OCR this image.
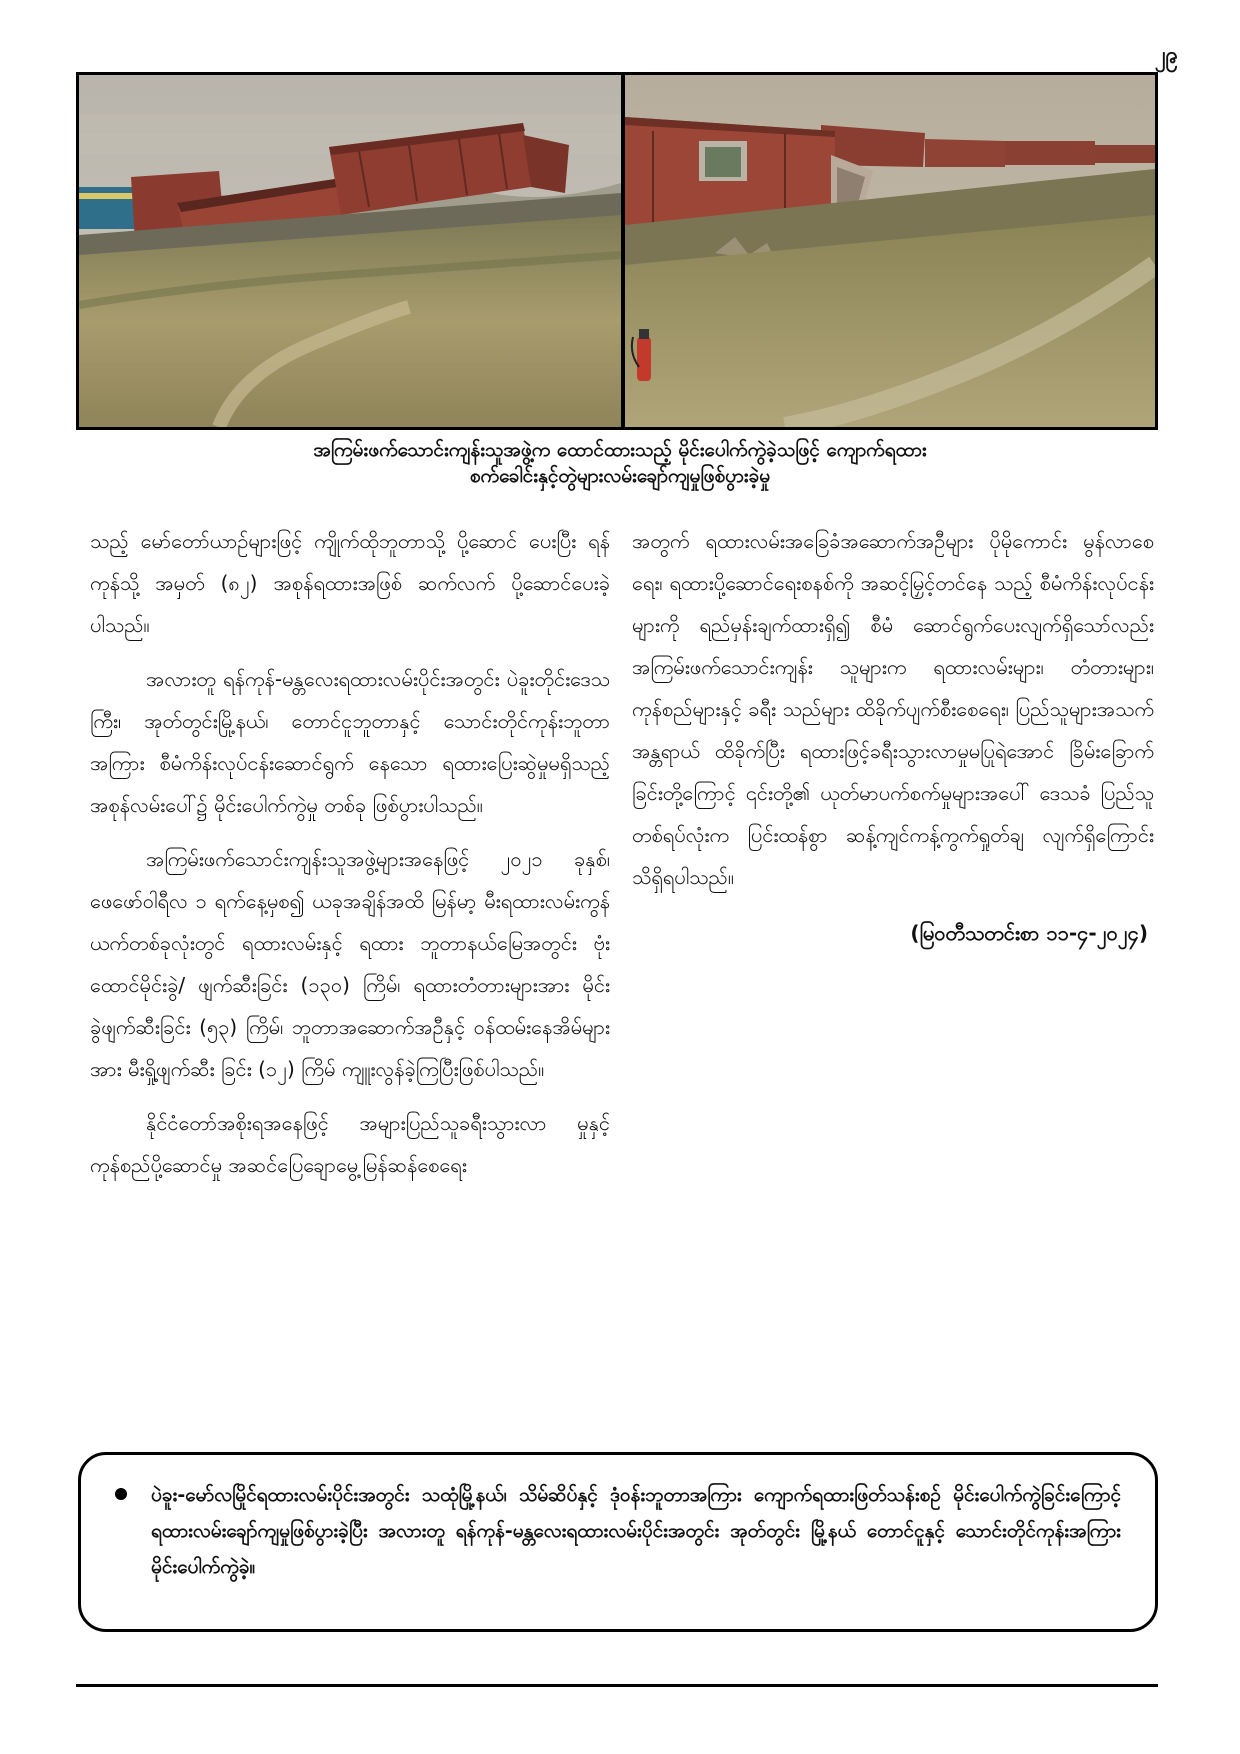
၂၉
အကြမ်းဖက်သောင်းကျန်းသူအဖွဲ့က ထောင်ထားသည့် မိုင်းပေါက်ကွဲခဲ့သဖြင့် ကျောက်ရထား
စက်ခေါင်းနှင့်တွဲများလမ်းချော်ကျမှုဖြစ်ပွားခဲ့မှု

သည့် မော်တော်ယာဉ်များဖြင့် ကျိုက်ထိုဘူတာသို့ ပို့ဆောင် ပေးပြီး ရန်ကုန်သို့ အမှတ် (၈၂) အစုန်ရထားအဖြစ် ဆက်လက် ပို့ဆောင်ပေးခဲ့ပါသည်။

အလားတူ ရန်ကုန်-မန္တလေးရထားလမ်းပိုင်းအတွင်း ပဲခူးတိုင်းဒေသကြီး၊ အုတ်တွင်းမြို့နယ်၊ တောင်ငူဘူတာနှင့် သောင်းတိုင်ကုန်းဘူတာအကြား စီမံကိန်းလုပ်ငန်းဆောင်ရွက် နေသော ရထားပြေးဆွဲမှုမရှိသည့် အစုန်လမ်းပေါ်၌ မိုင်းပေါက်ကွဲမှု တစ်ခု ဖြစ်ပွားပါသည်။

အကြမ်းဖက်သောင်းကျန်းသူအဖွဲ့များအနေဖြင့် ၂၀၂၁ ခုနှစ်၊ ဖေဖော်ဝါရီလ ၁ ရက်နေ့မှစ၍ ယခုအချိန်အထိ မြန်မာ့ မီးရထားလမ်းကွန်ယက်တစ်ခုလုံးတွင် ရထားလမ်းနှင့် ရထား ဘူတာနယ်မြေအတွင်း ဗုံးထောင်မိုင်းခွဲ/ ဖျက်ဆီးခြင်း (၁၃၀) ကြိမ်၊ ရထားတံတားများအား မိုင်းခွဲဖျက်ဆီးခြင်း (၅၃) ကြိမ်၊ ဘူတာအဆောက်အဦနှင့် ဝန်ထမ်းနေအိမ်များအား မီးရှို့ဖျက်ဆီး ခြင်း (၁၂) ကြိမ် ကျူးလွန်ခဲ့ကြပြီးဖြစ်ပါသည်။

နိုင်ငံတော်အစိုးရအနေဖြင့် အများပြည်သူခရီးသွားလာ မှုနှင့် ကုန်စည်ပို့ဆောင်မှု အဆင်ပြေချောမွေ့မြန်ဆန်စေရေး

အတွက် ရထားလမ်းအခြေခံအဆောက်အဦများ ပိုမိုကောင်း မွန်လာစေရေး၊ ရထားပို့ဆောင်ရေးစနစ်ကို အဆင့်မြှင့်တင်နေ သည့် စီမံကိန်းလုပ်ငန်းများကို ရည်မှန်းချက်ထားရှိ၍ စီမံ ဆောင်ရွက်ပေးလျက်ရှိသော်လည်း အကြမ်းဖက်သောင်းကျန်း သူများက ရထားလမ်းများ၊ တံတားများ၊ ကုန်စည်များနှင့် ခရီး သည်များ ထိခိုက်ပျက်စီးစေရေး၊ ပြည်သူများအသက်အန္တရာယ် ထိခိုက်ပြီး ရထားဖြင့်ခရီးသွားလာမှုမပြုရဲအောင် ခြိမ်းခြောက် ခြင်းတို့ကြောင့် ၎င်းတို့၏ ယုတ်မာပက်စက်မှုများအပေါ် ဒေသခံ ပြည်သူတစ်ရပ်လုံးက ပြင်းထန်စွာ ဆန့်ကျင်ကန့်ကွက်ရှုတ်ချ လျက်ရှိကြောင်း သိရှိရပါသည်။

(မြဝတီသတင်းစာ ၁၁-၄-၂၀၂၄)
ပဲခူး-မော်လမြိုင်ရထားလမ်းပိုင်းအတွင်း သထုံမြို့နယ်၊ သိမ်ဆိပ်နှင့် ဒုံဝန်းဘူတာအကြား ကျောက်ရထားဖြတ်သန်းစဉ် မိုင်းပေါက်ကွဲခြင်းကြောင့် ရထားလမ်းချော်ကျမှုဖြစ်ပွားခဲ့ပြီး အလားတူ ရန်ကုန်-မန္တလေးရထားလမ်းပိုင်းအတွင်း အုတ်တွင်း မြို့နယ် တောင်ငူနှင့် သောင်းတိုင်ကုန်းအကြား မိုင်းပေါက်ကွဲခဲ့။
